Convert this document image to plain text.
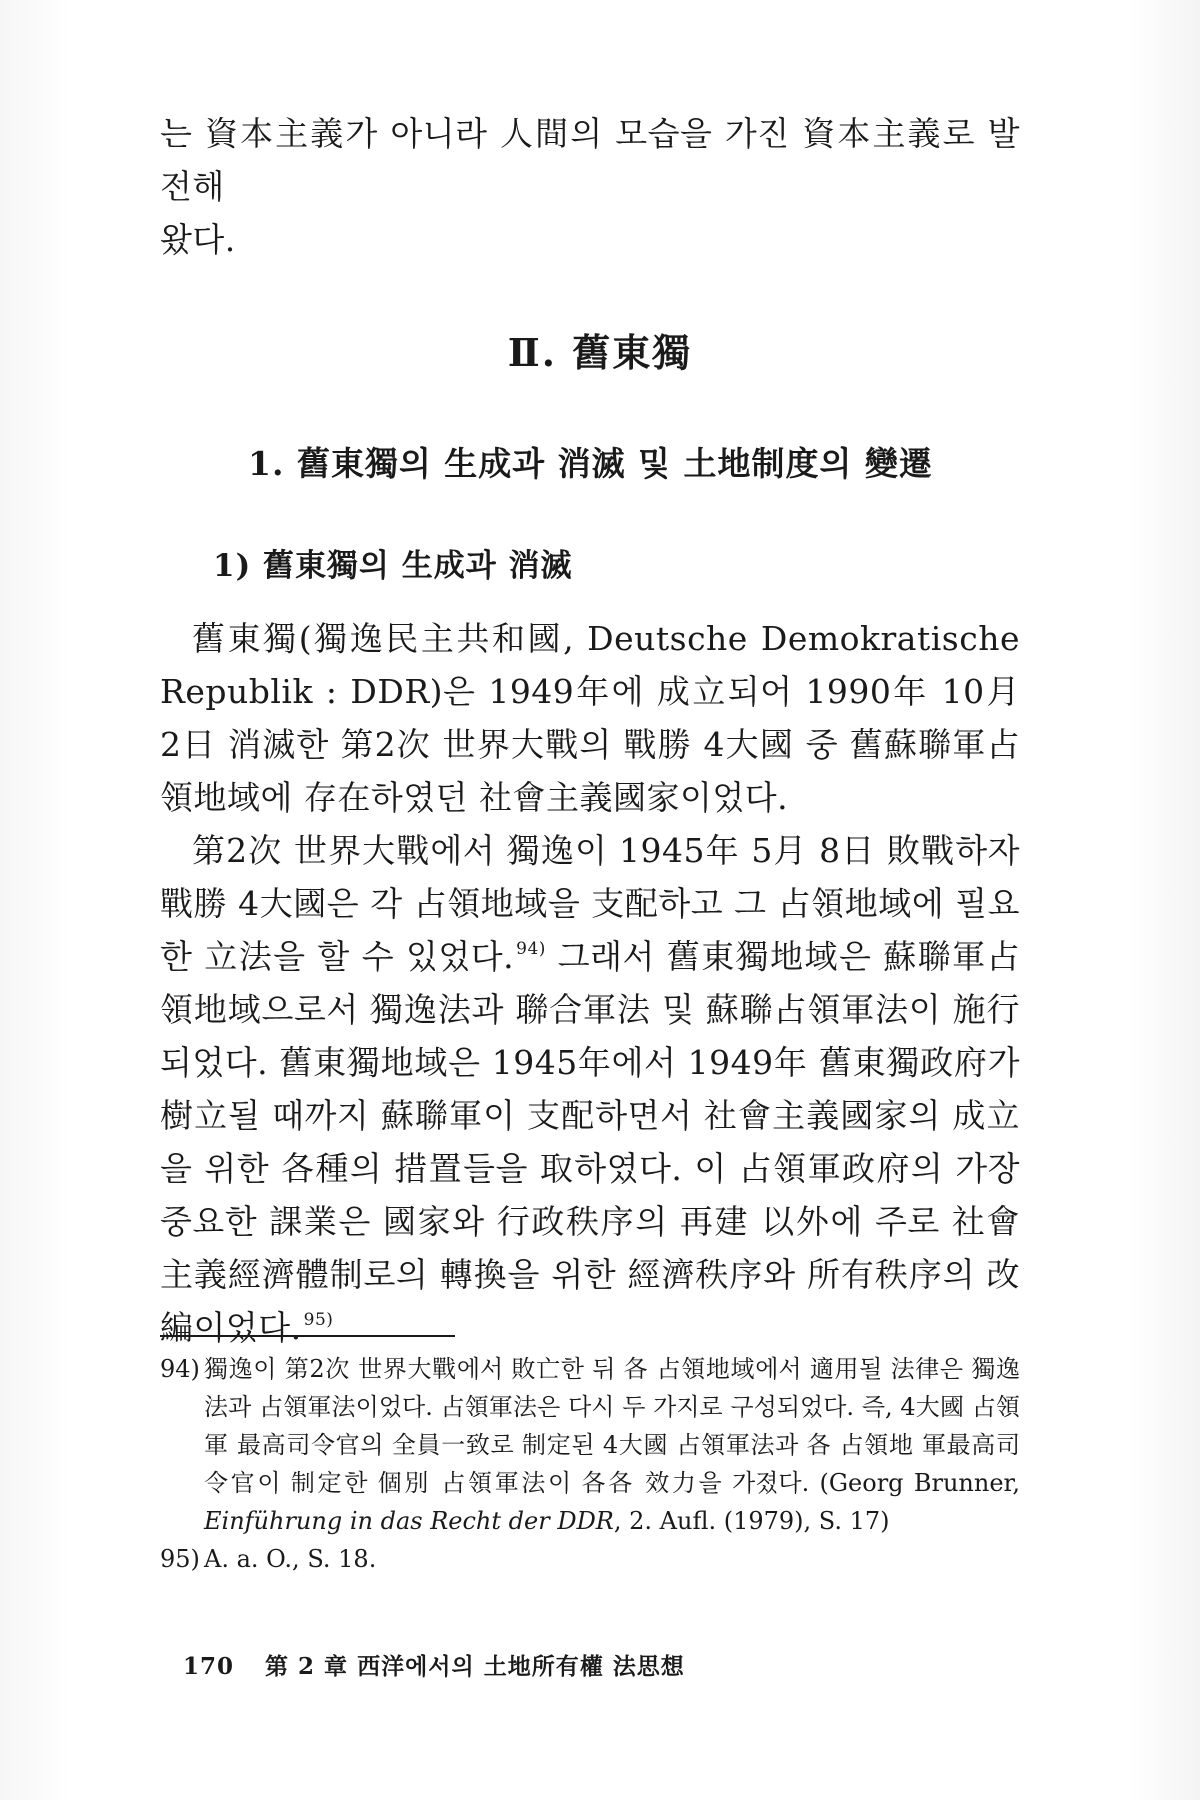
는 資本主義가 아니라 人間의 모습을 가진 資本主義로 발전해

왔다.

Ⅱ. 舊東獨
1. 舊東獨의 生成과 消滅 및 土地制度의 變遷
1) 舊東獨의 生成과 消滅

舊東獨(獨逸民主共和國, Deutsche Demokratische Republik : DDR)은 1949年에 成立되어 1990年 10月 2日 消滅한 第2次 世界大戰의 戰勝 4大國 중 舊蘇聯軍占領地域에 存在하였던 社會主義國家이었다.

第2次 世界大戰에서 獨逸이 1945年 5月 8日 敗戰하자 戰勝 4大國은 각 占領地域을 支配하고 그 占領地域에 필요한 立法을 할 수 있었다. $^{94)}$ 그래서 舊東獨地域은 蘇聯軍占領地域으로서 獨逸法과 聯合軍法 및 蘇聯占領軍法이 施行되었다. 舊東獨地域은 1945年에서 1949年 舊東獨政府가 樹立될 때까지 蘇聯軍이 支配하면서 社會主義國家의 成立을 위한 各種의 措置들을 取하였다. 이 占領軍政府의 가장 중요한 課業은 國家와 行政秩序의 再建 以外에 주로 社會主義經濟體制로의 轉換을 위한 經濟秩序와 所有秩序의 改編이었다. $^{95)}$

94) 獨逸이 第2次 世界大戰에서 敗亡한 뒤 各 占領地域에서 適用될 法律은 獨逸法과 占領軍法이었다. 占領軍法은 다시 두 가지로 구성되었다. 즉, 4大國 占領軍 最高司令官의 全員一致로 制定된 4大國 占領軍法과 各 占領地 軍最高司令官이 制定한 個別 占領軍法이 各各 效力을 가졌다. (Georg Brunner, Einführung in das Recht der DDR, 2. Aufl. (1979), S. 17)
95) A. a. O., S. 18.
170 第 2 章 西洋에서의 土地所有權 法思想
